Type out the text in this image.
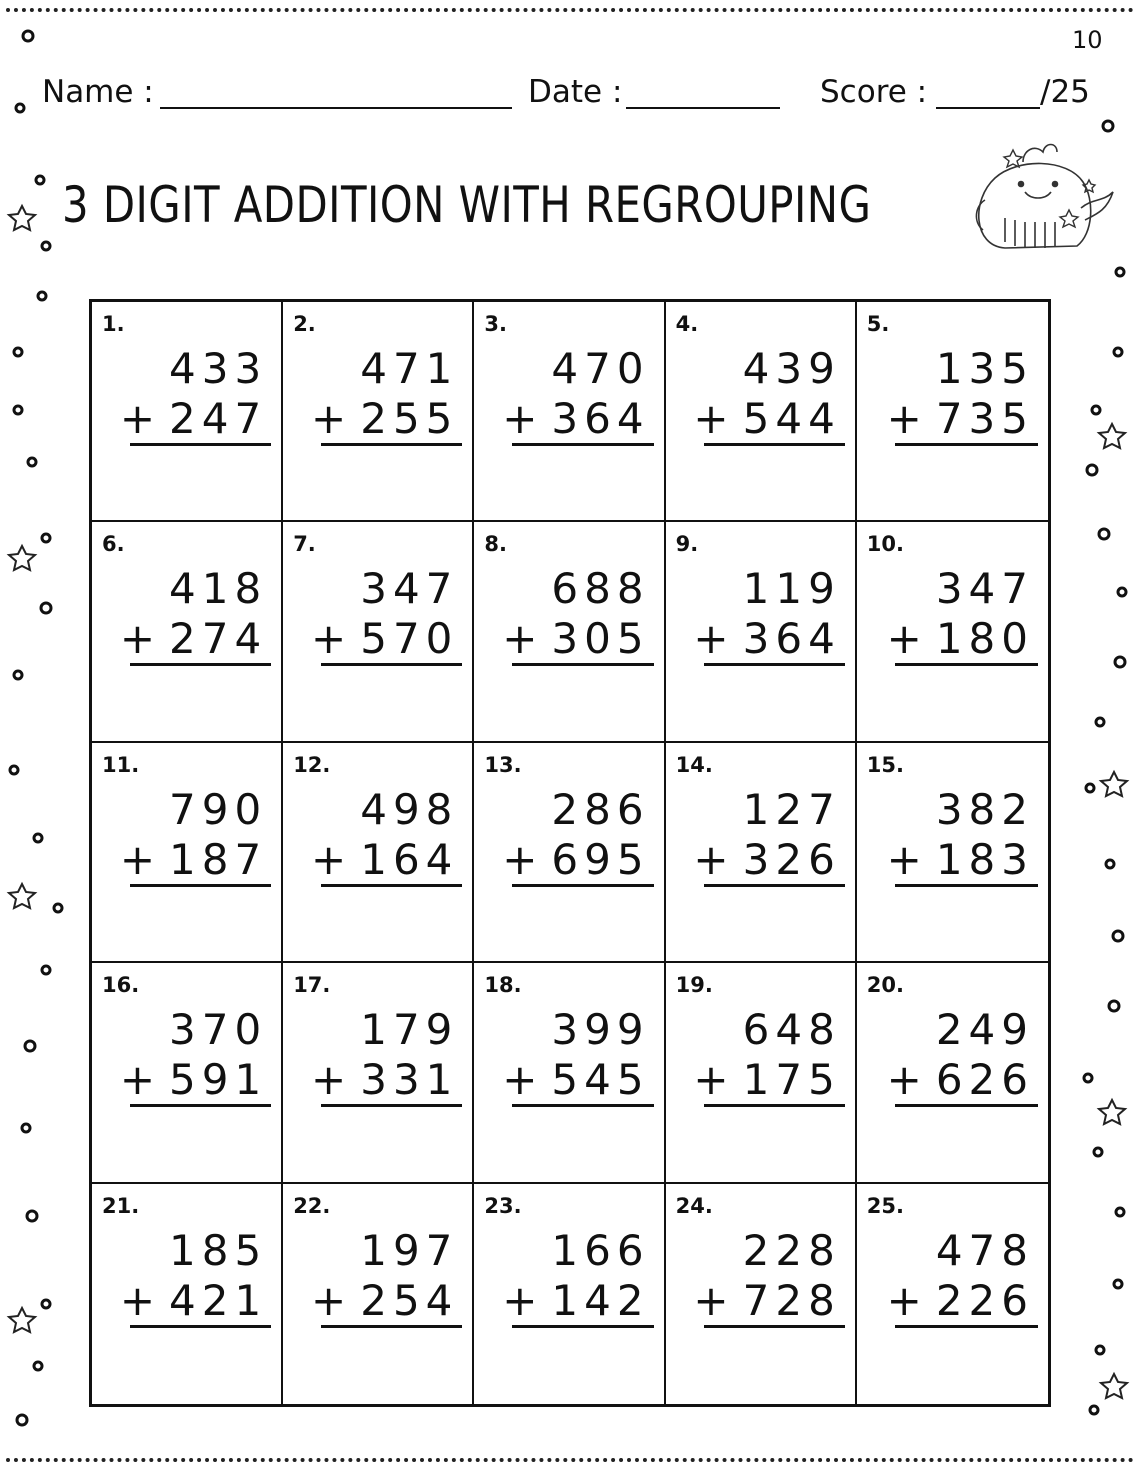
10
Name :	Date :	Score :	/25
3 DIGIT ADDITION WITH REGROUPING
1.
433
+ 247
2.
471
+ 255
3.
470
+ 364
4.
439
+ 544
5.
135
+ 735
6.
418
+ 274
7.
347
+ 570
8.
688
+ 305
9.
119
+ 364
10.
347
+ 180
11.
790
+ 187
12.
498
+ 164
13.
286
+ 695
14.
127
+ 326
15.
382
+ 183
16.
370
+ 591
17.
179
+ 331
18.
399
+ 545
19.
648
+ 175
20.
249
+ 626
21.
185
+ 421
22.
197
+ 254
23.
166
+ 142
24.
228
+ 728
25.
478
+ 226
